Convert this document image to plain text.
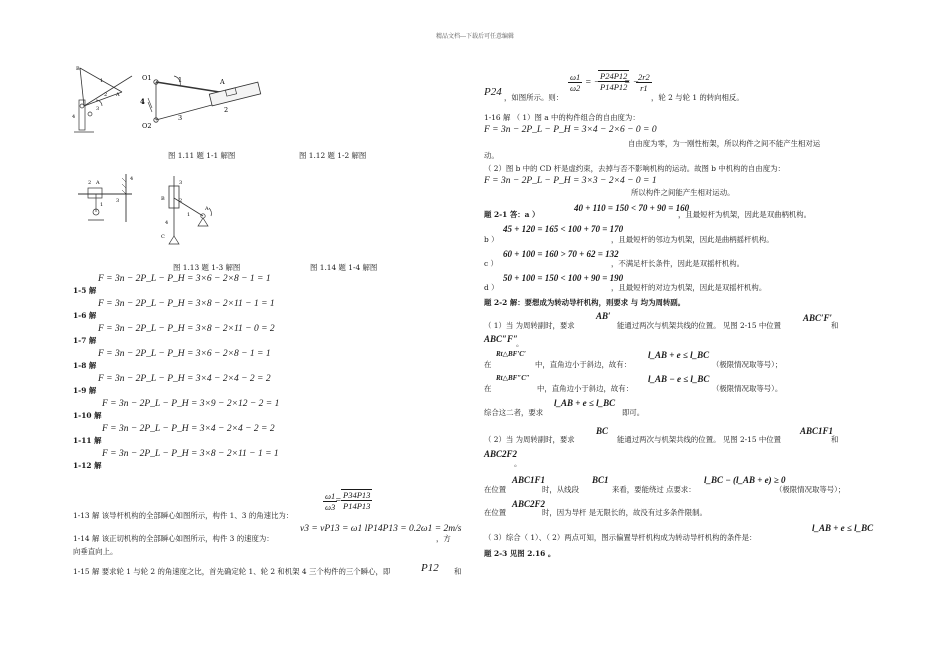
精品文档---下载后可任意编辑
B
1
2 A
3
4
图 1.11 题 1-1 解图
O1	1
4
A
3
2
O2
图 1.12 题 1-2 解图
2 A
1
3
4
图 1.13 题 1-3 解图
B
3
2
A
4
1
C
图 1.14 题 1-4 解图
F = 3n − 2P_L − P_H = 3×6 − 2×8 − 1 = 1
1-5 解
F = 3n − 2P_L − P_H = 3×8 − 2×11 − 1 = 1
1-6 解
F = 3n − 2P_L − P_H = 3×8 − 2×11 − 0 = 2
1-7 解
F = 3n − 2P_L − P_H = 3×6 − 2×8 − 1 = 1
1-8 解
F = 3n − 2P_L − P_H = 3×4 − 2×4 − 2 = 2
1-9 解
F = 3n − 2P_L − P_H = 3×9 − 2×12 − 2 = 1
1-10 解
F = 3n − 2P_L − P_H = 3×4 − 2×4 − 2 = 2
1-11 解
F = 3n − 2P_L − P_H = 3×8 − 2×11 − 1 = 1
1-12 解
$\frac{\omega 1}{\omega 3}$
= $\frac{P34P13}{P14P13}$
1-13 解 该导杆机构的全部瞬心如图所示，构件 1、3 的角速比为：
v3 = vP13 = ω1 lP14P13 = 0.2ω1 = 2m/s
1-14 解 该正切机构的全部瞬心如图所示，构件 3 的速度为：	，方
向垂直向上。
1-15 解 要求轮 1 与轮 2 的角速度之比，首先确定轮 1、轮 2 和机架 4 三个构件的三个瞬心，即	P12 和
P24 ，如图所示。则：
$\frac{\omega 1}{\omega 2}$ = −
$\frac{P24P12}{P14P12}$
= −
$\frac{2r2}{r1}$
，轮 2 与轮 1 的转向相反。
1-16 解 （ 1）图 a 中的构件组合的自由度为：
F = 3n − 2P_L − P_H = 3×4 − 2×6 − 0 = 0
自由度为零，为一刚性桁架，所以构件之间不能产生相对运
动。
（ 2）图 b 中的 CD 杆是虚约束，去掉与否不影响机构的运动。故图 b 中机构的自由度为：
F = 3n − 2P_L − P_H = 3×3 − 2×4 − 0 = 1
所以构件之间能产生相对运动。
题 2-1 答：a ）
40 + 110 = 150 < 70 + 90 = 160
，且最短杆为机架，因此是双曲柄机构。
b ）
45 + 120 = 165 < 100 + 70 = 170
，且最短杆的邻边为机架，因此是曲柄摇杆机构。
c ）
60 + 100 = 160 > 70 + 62 = 132
，不满足杆长条件，因此是双摇杆机构。
d ）
50 + 100 = 150 < 100 + 90 = 190
，且最短杆的对边为机架，因此是双摇杆机构。
题 2-2 解：要想成为转动导杆机构，则要求 与 均为周转副。
（ 1）当 为周转副时，要求
AB′
能通过两次与机架共线的位置。 见图 2-15 中位置
ABC′F′
和
ABC″F″
。
在
Rt△BF′C′
中，直角边小于斜边，故有：
l_AB + e ≤ l_BC
（极限情况取等号）；
在
Rt△BF″C″
中，直角边小于斜边，故有：
l_AB − e ≤ l_BC
（极限情况取等号）。
综合这二者，要求
l_AB + e ≤ l_BC
即可。
（ 2）当 为周转副时，要求
BC
能通过两次与机架共线的位置。 见图 2-15 中位置
ABC1F1
和
ABC2F2
。
在位置
ABC1F1
时，从线段
BC1
来看，要能绕过 点要求：
l_BC − (l_AB + e) ≥ 0
（极限情况取等号）；
在位置
ABC2F2
时，因为导杆 是无限长的，故没有过多条件限制。
（ 3）综合（ 1）、（ 2）两点可知，图示偏置导杆机构成为转动导杆机构的条件是：
l_AB + e ≤ l_BC
题 2-3 见图 2.16 。
